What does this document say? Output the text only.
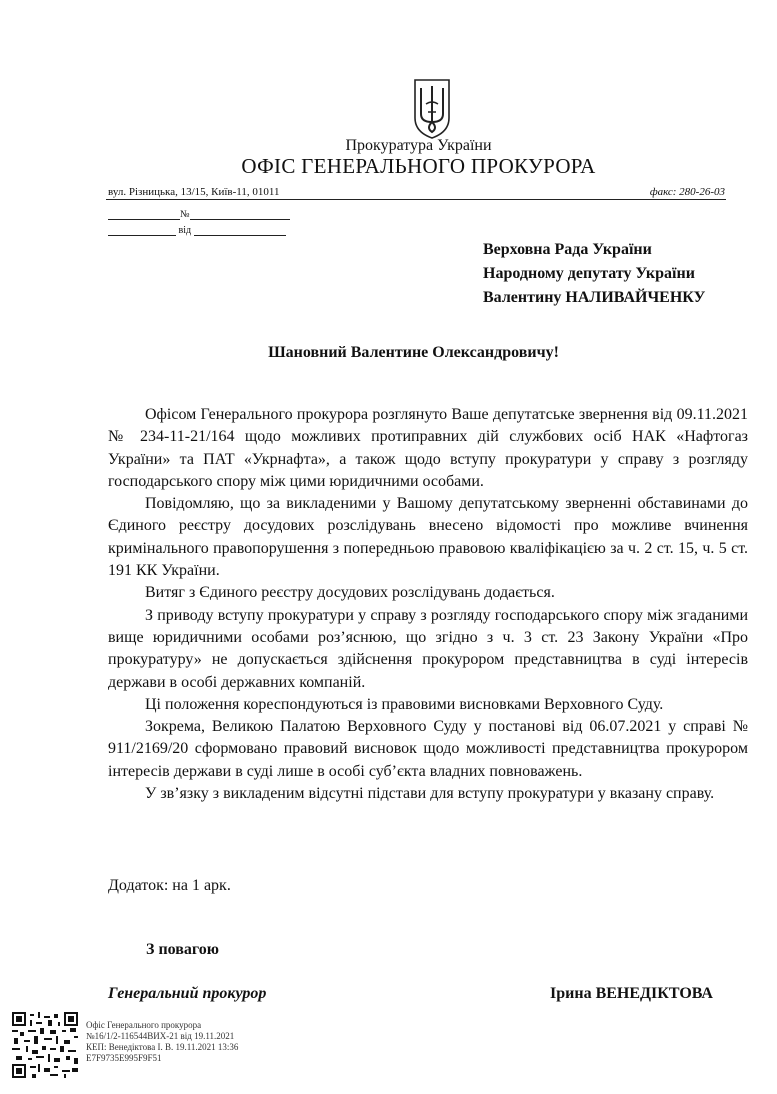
Прокуратура України
ОФІС ГЕНЕРАЛЬНОГО ПРОКУРОРА
вул. Різницька, 13/15, Київ-11, 01011	факс: 280-26-03
№
від
Верховна Рада України
Народному депутату України
Валентину НАЛИВАЙЧЕНКУ
Шановний Валентине Олександровичу!

Офісом Генерального прокурора розглянуто Ваше депутатське звернення від 09.11.2021 № 234-11-21/164 щодо можливих протиправних дій службових осіб НАК «Нафтогаз України» та ПАТ «Укрнафта», а також щодо вступу прокуратури у справу з розгляду господарського спору між цими юридичними особами.

Повідомляю, що за викладеними у Вашому депутатському зверненні обставинами до Єдиного реєстру досудових розслідувань внесено відомості про можливе вчинення кримінального правопорушення з попередньою правовою кваліфікацією за ч. 2 ст. 15, ч. 5 ст. 191 КК України.

Витяг з Єдиного реєстру досудових розслідувань додається.

З приводу вступу прокуратури у справу з розгляду господарського спору між згаданими вище юридичними особами роз’яснюю, що згідно з ч. 3 ст. 23 Закону України «Про прокуратуру» не допускається здійснення прокурором представництва в суді інтересів держави в особі державних компаній.

Ці положення кореспондуються із правовими висновками Верховного Суду.

Зокрема, Великою Палатою Верховного Суду у постанові від 06.07.2021 у справі № 911/2169/20 сформовано правовий висновок щодо можливості представництва прокурором інтересів держави в суді лише в особі суб’єкта владних повноважень.

У зв’язку з викладеним відсутні підстави для вступу прокуратури у вказану справу.

Додаток: на 1 арк.
З повагою
Генеральний прокурор	Ірина ВЕНЕДІКТОВА
Офіс Генерального прокурора
№16/1/2-116544ВИХ-21 від 19.11.2021
КЕП: Венедіктова І. В. 19.11.2021 13:36
E7F9735E995F9F51
